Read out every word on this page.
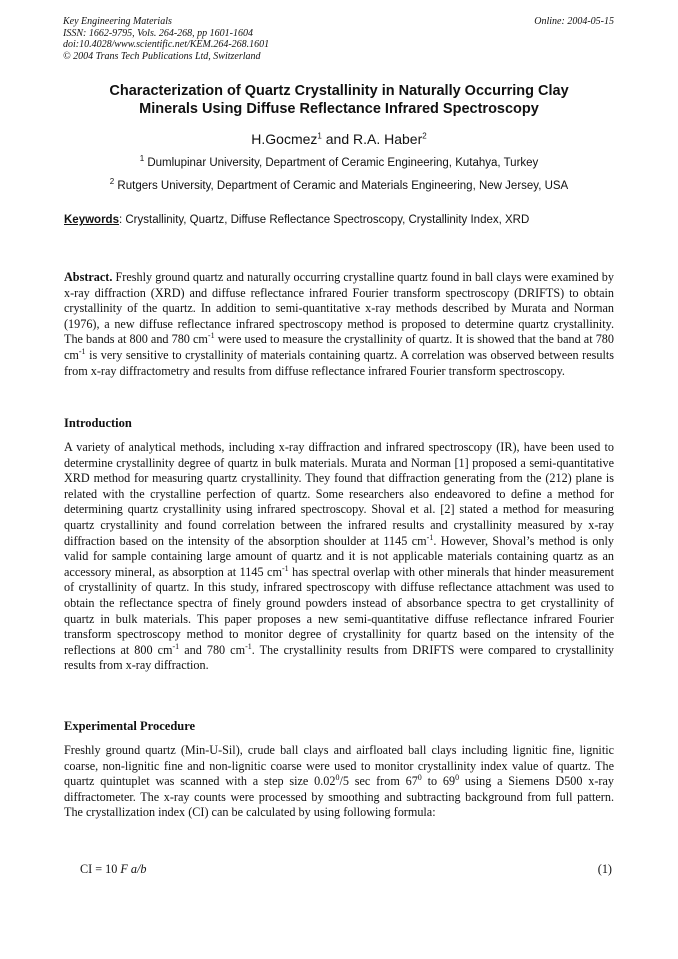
Key Engineering Materials
ISSN: 1662-9795, Vols. 264-268, pp 1601-1604
doi:10.4028/www.scientific.net/KEM.264-268.1601
© 2004 Trans Tech Publications Ltd, Switzerland
Online: 2004-05-15
Characterization of Quartz Crystallinity in Naturally Occurring Clay
Minerals Using Diffuse Reflectance Infrared Spectroscopy
H.Gocmez$^1$ and R.A. Haber$^2$
$^1$ Dumlupinar University, Department of Ceramic Engineering, Kutahya, Turkey
$^2$ Rutgers University, Department of Ceramic and Materials Engineering, New Jersey, USA
Keywords: Crystallinity, Quartz, Diffuse Reflectance Spectroscopy, Crystallinity Index, XRD
Abstract. Freshly ground quartz and naturally occurring crystalline quartz found in ball clays were examined by x-ray diffraction (XRD) and diffuse reflectance infrared Fourier transform spectroscopy (DRIFTS) to obtain crystallinity of the quartz. In addition to semi-quantitative x-ray methods described by Murata and Norman (1976), a new diffuse reflectance infrared spectroscopy method is proposed to determine quartz crystallinity. The bands at 800 and 780 $cm^{-1}$ were used to measure the crystallinity of quartz. It is showed that the band at 780 $cm^{-1}$ is very sensitive to crystallinity of materials containing quartz. A correlation was observed between results from x-ray diffractometry and results from diffuse reflectance infrared Fourier transform spectroscopy.
Introduction
A variety of analytical methods, including x-ray diffraction and infrared spectroscopy (IR), have been used to determine crystallinity degree of quartz in bulk materials. Murata and Norman [1] proposed a semi-quantitative XRD method for measuring quartz crystallinity. They found that diffraction generating from the (212) plane is related with the crystalline perfection of quartz. Some researchers also endeavored to define a method for determining quartz crystallinity using infrared spectroscopy. Shoval et al. [2] stated a method for measuring quartz crystallinity and found correlation between the infrared results and crystallinity measured by x-ray diffraction based on the intensity of the absorption shoulder at 1145 $cm^{-1}$. However, Shoval’s method is only valid for sample containing large amount of quartz and it is not applicable materials containing quartz as an accessory mineral, as absorption at 1145 $cm^{-1}$ has spectral overlap with other minerals that hinder measurement of crystallinity of quartz. In this study, infrared spectroscopy with diffuse reflectance attachment was used to obtain the reflectance spectra of finely ground powders instead of absorbance spectra to get crystallinity of quartz in bulk materials. This paper proposes a new semi-quantitative diffuse reflectance infrared Fourier transform spectroscopy method to monitor degree of crystallinity for quartz based on the intensity of the reflections at 800 $cm^{-1}$ and 780 $cm^{-1}$. The crystallinity results from DRIFTS were compared to crystallinity results from x-ray diffraction.
Experimental Procedure
Freshly ground quartz (Min-U-Sil), crude ball clays and airfloated ball clays including lignitic fine, lignitic coarse, non-lignitic fine and non-lignitic coarse were used to monitor crystallinity index value of quartz. The quartz quintuplet was scanned with a step size 0.02$^0$/5 sec from $67^0$ to $69^0$ using a Siemens D500 x-ray diffractometer. The x-ray counts were processed by smoothing and subtracting background from full pattern. The crystallization index (CI) can be calculated by using following formula:
CI = 10 F a/b	(1)
